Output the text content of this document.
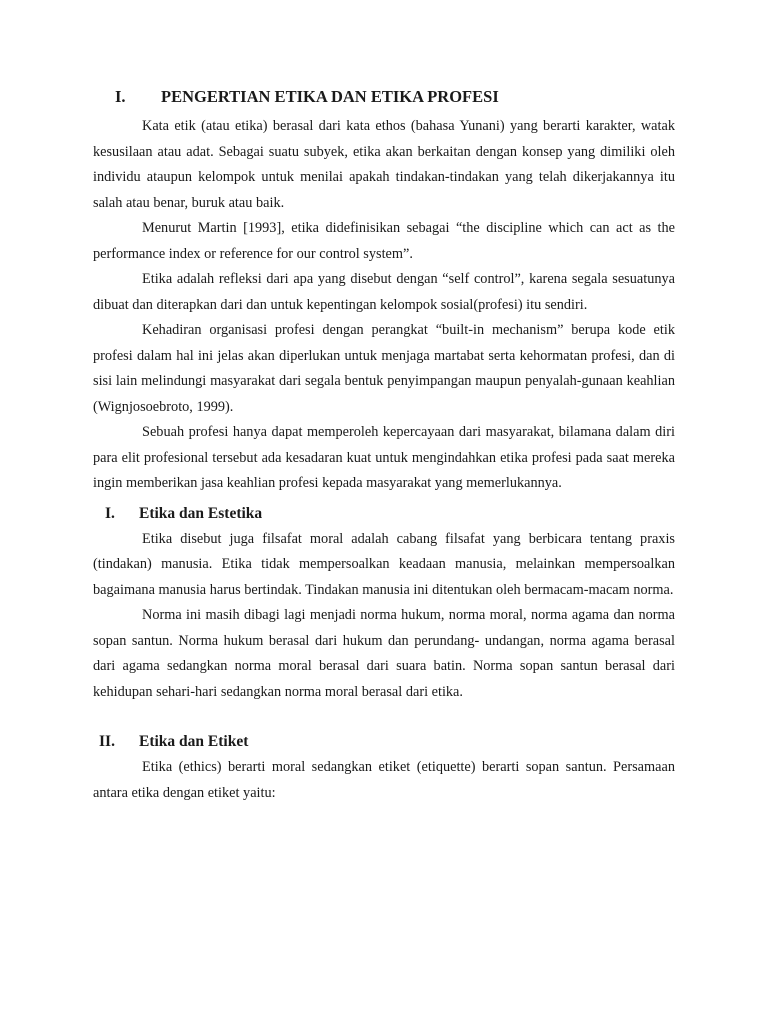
I.	PENGERTIAN ETIKA DAN ETIKA PROFESI

Kata etik (atau etika) berasal dari kata ethos (bahasa Yunani) yang berarti karakter, watak kesusilaan atau adat. Sebagai suatu subyek, etika akan berkaitan dengan konsep yang dimiliki oleh individu ataupun kelompok untuk menilai apakah tindakan-tindakan yang telah dikerjakannya itu salah atau benar, buruk atau baik.

Menurut Martin [1993], etika didefinisikan sebagai “the discipline which can act as the performance index or reference for our control system”.

Etika adalah refleksi dari apa yang disebut dengan “self control”, karena segala sesuatunya dibuat dan diterapkan dari dan untuk kepentingan kelompok sosial(profesi) itu sendiri.

Kehadiran organisasi profesi dengan perangkat “built-in mechanism” berupa kode etik profesi dalam hal ini jelas akan diperlukan untuk menjaga martabat serta kehormatan profesi, dan di sisi lain melindungi masyarakat dari segala bentuk penyimpangan maupun penyalah-gunaan keahlian (Wignjosoebroto, 1999).

Sebuah profesi hanya dapat memperoleh kepercayaan dari masyarakat, bilamana dalam diri para elit profesional tersebut ada kesadaran kuat untuk mengindahkan etika profesi pada saat mereka ingin memberikan jasa keahlian profesi kepada masyarakat yang memerlukannya.

I.	Etika dan Estetika

Etika disebut juga filsafat moral adalah cabang filsafat yang berbicara tentang praxis (tindakan) manusia. Etika tidak mempersoalkan keadaan manusia, melainkan mempersoalkan bagaimana manusia harus bertindak. Tindakan manusia ini ditentukan oleh bermacam-macam norma.

Norma ini masih dibagi lagi menjadi norma hukum, norma moral, norma agama dan norma sopan santun. Norma hukum berasal dari hukum dan perundang- undangan, norma agama berasal dari agama sedangkan norma moral berasal dari suara batin. Norma sopan santun berasal dari kehidupan sehari-hari sedangkan norma moral berasal dari etika.

II.	Etika dan Etiket

Etika (ethics) berarti moral sedangkan etiket (etiquette) berarti sopan santun. Persamaan antara etika dengan etiket yaitu:
